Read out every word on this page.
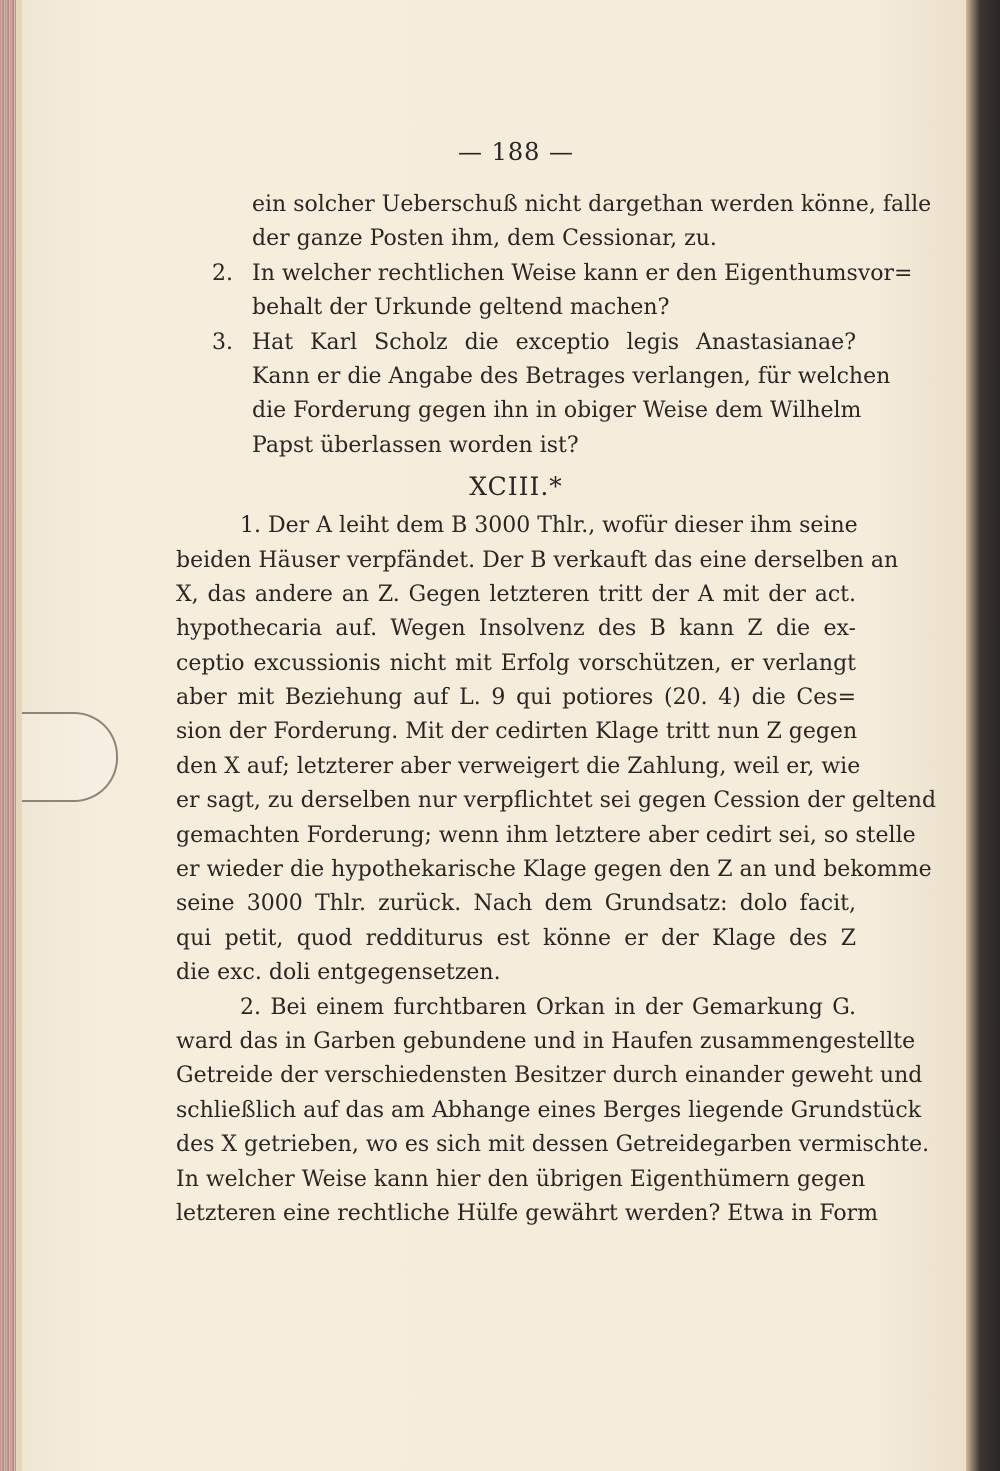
— 188 —
ein solcher Ueberschuß nicht dargethan werden könne, falle
der ganze Posten ihm, dem Cessionar, zu.
2. In welcher rechtlichen Weise kann er den Eigenthumsvor=
behalt der Urkunde geltend machen?
3. Hat Karl Scholz die exceptio legis Anastasianae?
Kann er die Angabe des Betrages verlangen, für welchen
die Forderung gegen ihn in obiger Weise dem Wilhelm
Papst überlassen worden ist?
XCIII.*
1. Der A leiht dem B 3000 Thlr., wofür dieser ihm seine
beiden Häuser verpfändet. Der B verkauft das eine derselben an
X, das andere an Z. Gegen letzteren tritt der A mit der act.
hypothecaria auf. Wegen Insolvenz des B kann Z die ex-
ceptio excussionis nicht mit Erfolg vorschützen, er verlangt
aber mit Beziehung auf L. 9 qui potiores (20. 4) die Ces=
sion der Forderung. Mit der cedirten Klage tritt nun Z gegen
den X auf; letzterer aber verweigert die Zahlung, weil er, wie
er sagt, zu derselben nur verpflichtet sei gegen Cession der geltend
gemachten Forderung; wenn ihm letztere aber cedirt sei, so stelle
er wieder die hypothekarische Klage gegen den Z an und bekomme
seine 3000 Thlr. zurück. Nach dem Grundsatz: dolo facit,
qui petit, quod redditurus est könne er der Klage des Z
die exc. doli entgegensetzen.
2. Bei einem furchtbaren Orkan in der Gemarkung G.
ward das in Garben gebundene und in Haufen zusammengestellte
Getreide der verschiedensten Besitzer durch einander geweht und
schließlich auf das am Abhange eines Berges liegende Grundstück
des X getrieben, wo es sich mit dessen Getreidegarben vermischte.
In welcher Weise kann hier den übrigen Eigenthümern gegen
letzteren eine rechtliche Hülfe gewährt werden? Etwa in Form
